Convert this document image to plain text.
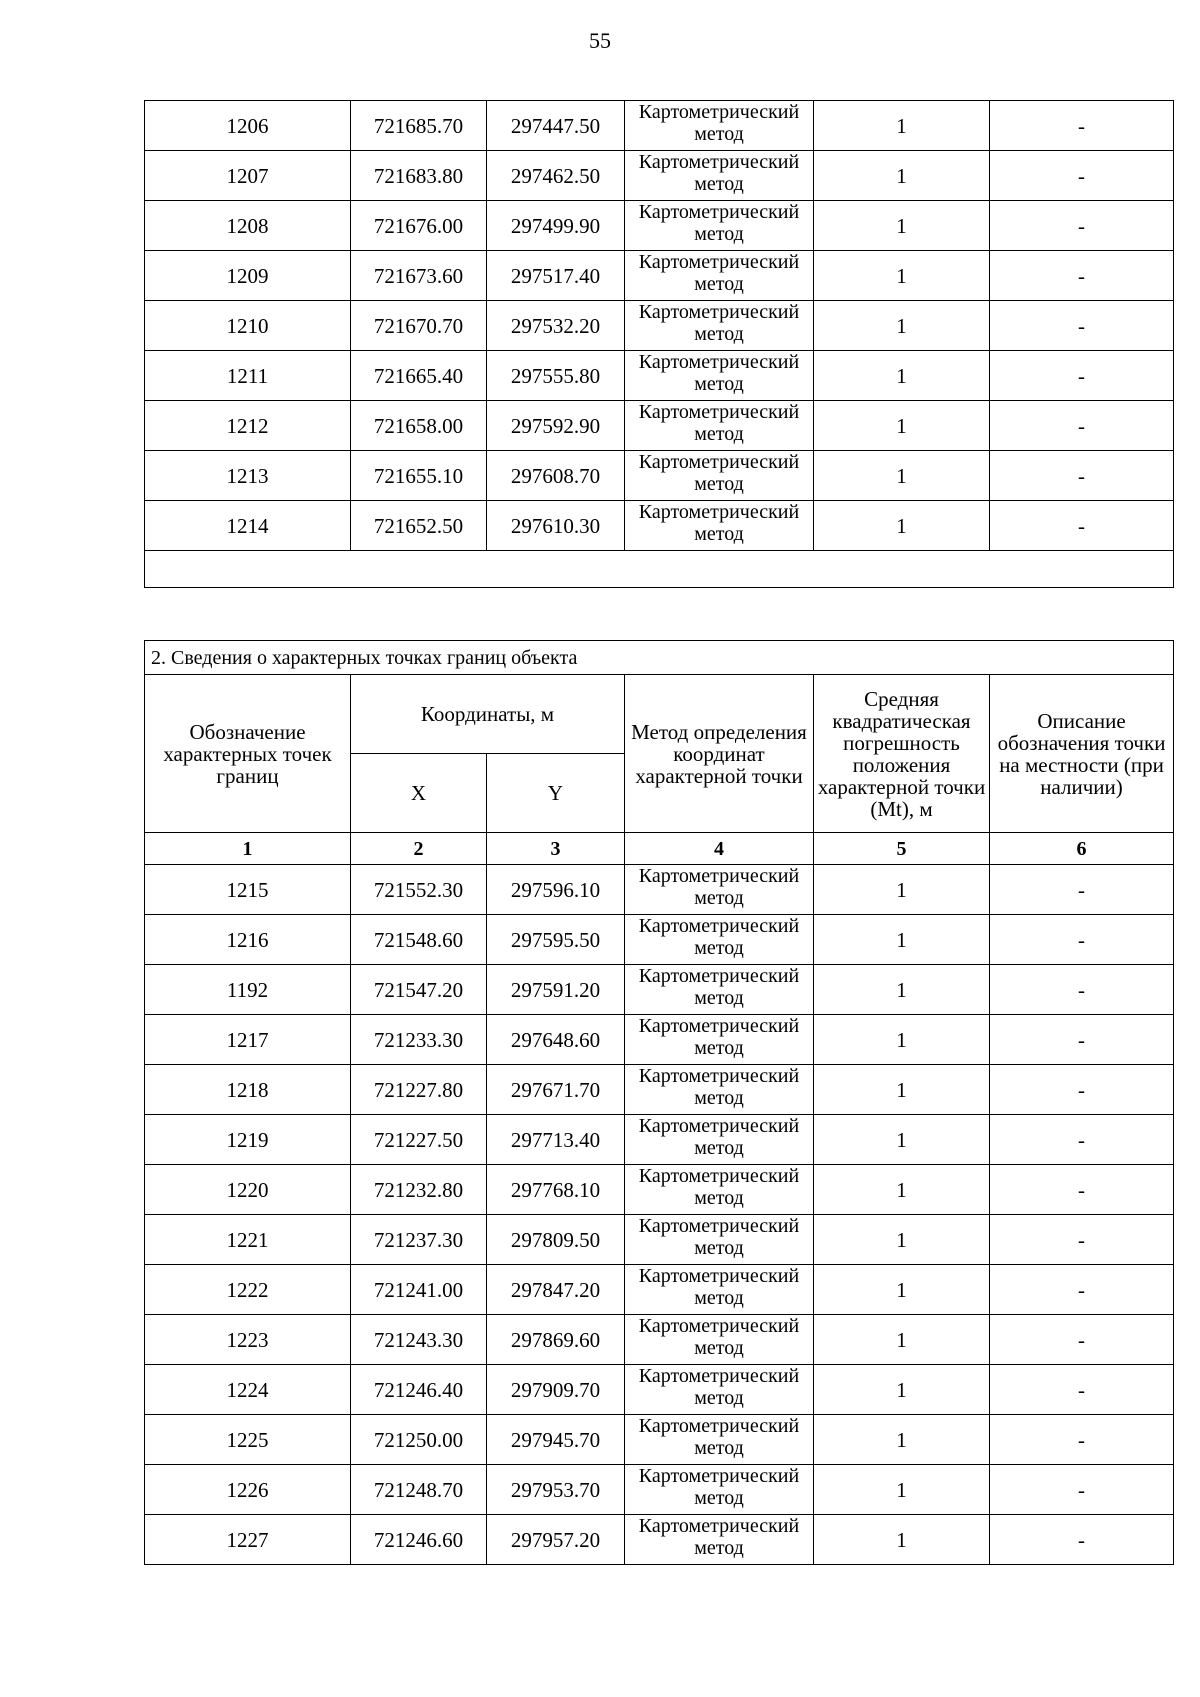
55
1206	721685.70	297447.50	Картометрический
метод	1	-
1207	721683.80	297462.50	Картометрический
метод	1	-
1208	721676.00	297499.90	Картометрический
метод	1	-
1209	721673.60	297517.40	Картометрический
метод	1	-
1210	721670.70	297532.20	Картометрический
метод	1	-
1211	721665.40	297555.80	Картометрический
метод	1	-
1212	721658.00	297592.90	Картометрический
метод	1	-
1213	721655.10	297608.70	Картометрический
метод	1	-
1214	721652.50	297610.30	Картометрический
метод	1	-

2. Сведения о характерных точках границ объекта					
Обозначение характерных точек границ	Координаты, м		Метод определения координат характерной точки	Средняя квадратическая погрешность положения характерной точки (Mt), м	Описание обозначения точки на местности (при наличии)
	X	Y			
1	2	3	4	5	6
1215	721552.30	297596.10	Картометрический
метод	1	-
1216	721548.60	297595.50	Картометрический
метод	1	-
1192	721547.20	297591.20	Картометрический
метод	1	-
1217	721233.30	297648.60	Картометрический
метод	1	-
1218	721227.80	297671.70	Картометрический
метод	1	-
1219	721227.50	297713.40	Картометрический
метод	1	-
1220	721232.80	297768.10	Картометрический
метод	1	-
1221	721237.30	297809.50	Картометрический
метод	1	-
1222	721241.00	297847.20	Картометрический
метод	1	-
1223	721243.30	297869.60	Картометрический
метод	1	-
1224	721246.40	297909.70	Картометрический
метод	1	-
1225	721250.00	297945.70	Картометрический
метод	1	-
1226	721248.70	297953.70	Картометрический
метод	1	-
1227	721246.60	297957.20	Картометрический
метод	1	-
